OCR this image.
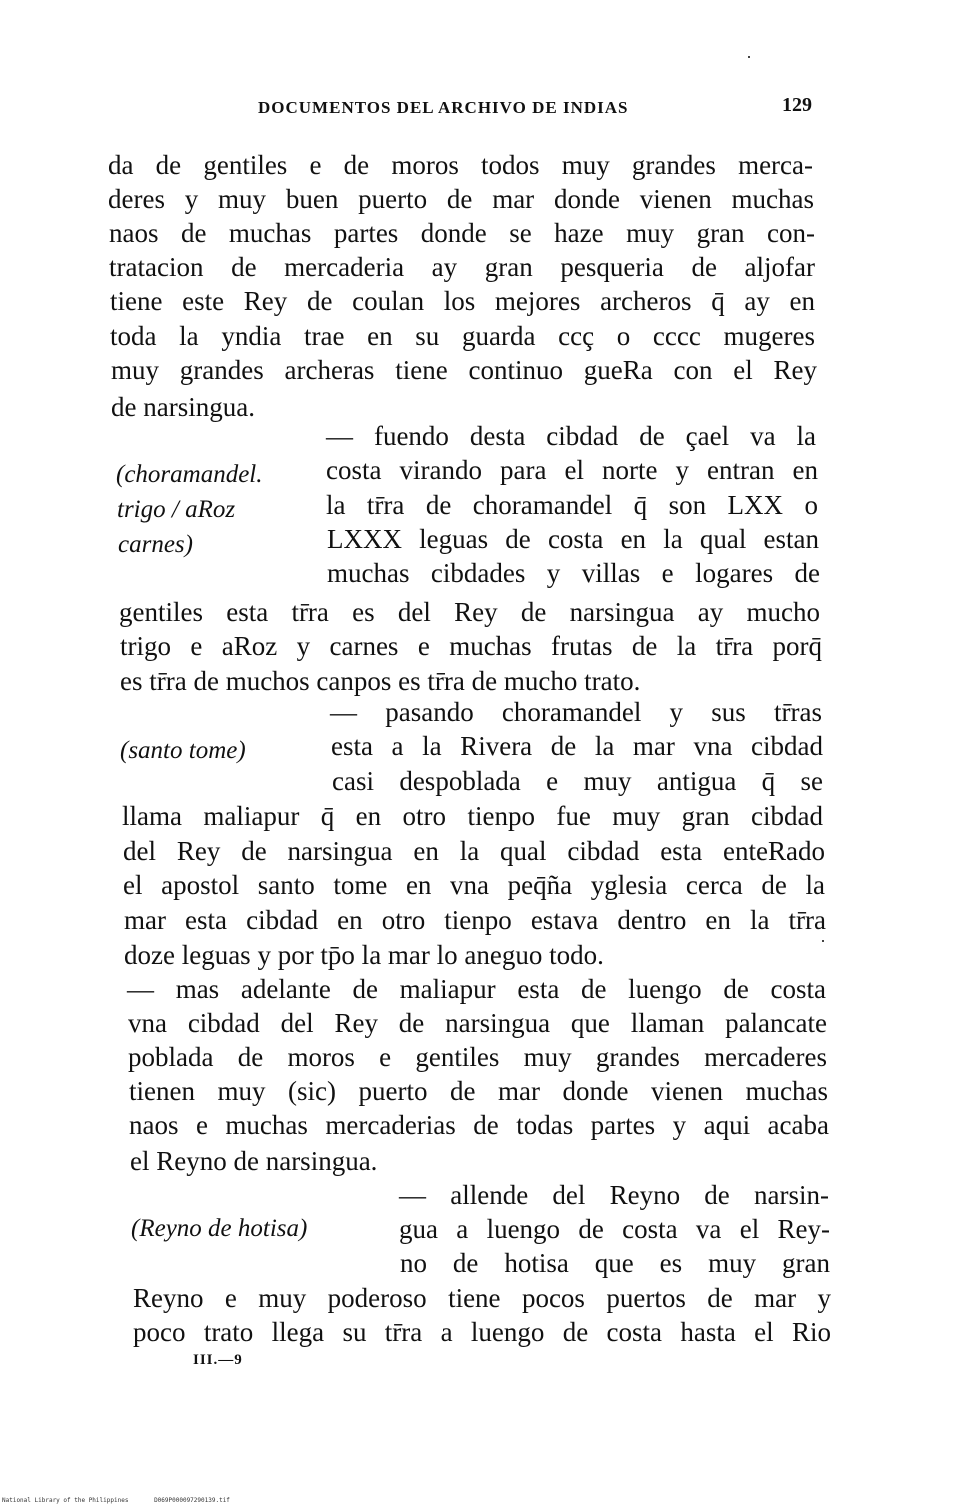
DOCUMENTOS DEL ARCHIVO DE INDIAS	129
da de gentiles e de moros todos muy grandes merca-
deres y muy buen puerto de mar donde vienen muchas
naos de muchas partes donde se haze muy gran con-
tratacion de mercaderia ay gran pesqueria de aljofar
tiene este Rey de coulan los mejores archeros q̄ ay en
toda la yndia trae en su guarda ccç o cccc mugeres
muy grandes archeras tiene continuo gueRa con el Rey
de narsingua.
— fuendo desta cibdad de çael va la
costa virando para el norte y entran en
la tr̄ra de choramandel q̄ son LXX o
LXXX leguas de costa en la qual estan
muchas cibdades y villas e logares de
(choramandel.
trigo / aRoz
carnes)
gentiles esta tr̄ra es del Rey de narsingua ay mucho
trigo e aRoz y carnes e muchas frutas de la tr̄ra porq̄
es tr̄ra de muchos canpos es tr̄ra de mucho trato.
— pasando choramandel y sus tr̄ras
esta a la Rivera de la mar vna cibdad
casi despoblada e muy antigua q̄ se
(santo tome)
llama maliapur q̄ en otro tienpo fue muy gran cibdad
del Rey de narsingua en la qual cibdad esta enteRado
el apostol santo tome en vna peq̄ña yglesia cerca de la
mar esta cibdad en otro tienpo estava dentro en la tr̄ra
doze leguas y por tp̄o la mar lo aneguo todo.
— mas adelante de maliapur esta de luengo de costa
vna cibdad del Rey de narsingua que llaman palancate
poblada de moros e gentiles muy grandes mercaderes
tienen muy (sic) puerto de mar donde vienen muchas
naos e muchas mercaderias de todas partes y aqui acaba
el Reyno de narsingua.
— allende del Reyno de narsin-
gua a luengo de costa va el Rey-
no de hotisa que es muy gran
(Reyno de hotisa)
Reyno e muy poderoso tiene pocos puertos de mar y
poco trato llega su tr̄ra a luengo de costa hasta el Rio
III.—9
National Library of the Philippines	D069P000097290139.tif
